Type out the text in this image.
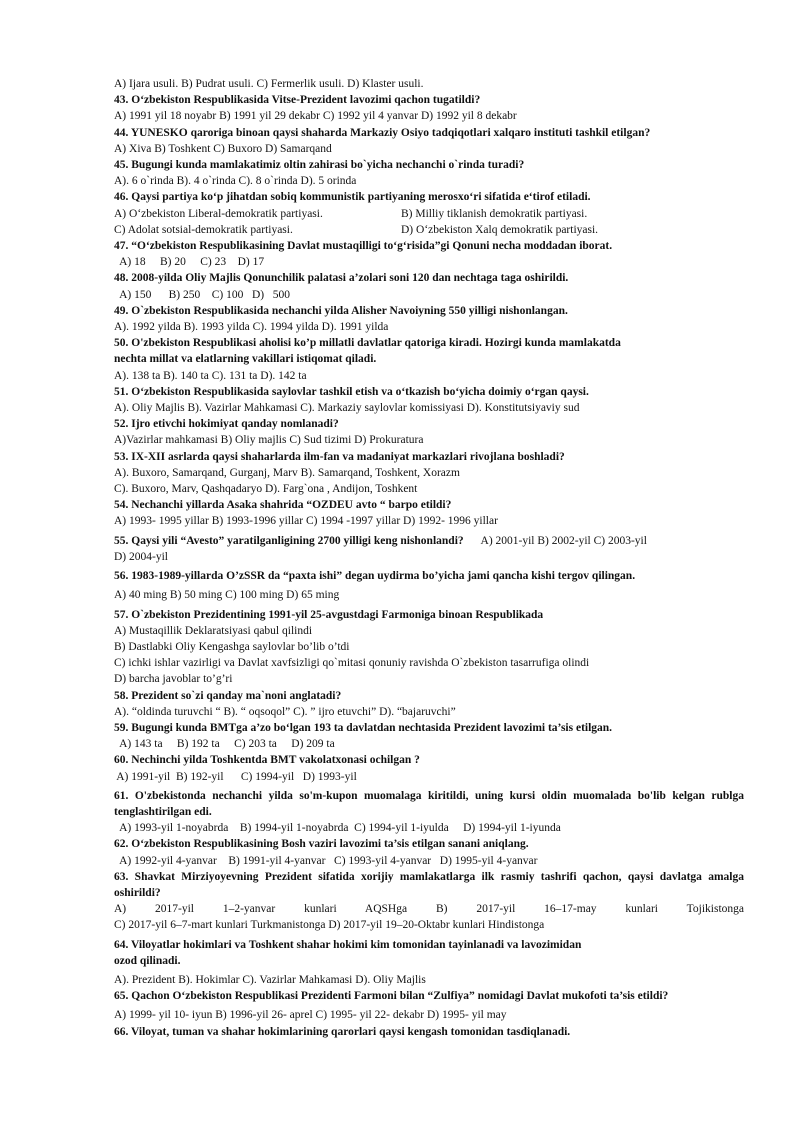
A) Ijara usuli. B) Pudrat usuli. C) Fermerlik usuli. D) Klaster usuli.
43. O‘zbekiston Respublikasida Vitse-Prezident lavozimi qachon tugatildi?
A) 1991 yil 18 noyabr B) 1991 yil 29 dekabr C) 1992 yil 4 yanvar D) 1992 yil 8 dekabr
44. YUNESKO qaroriga binoan qaysi shaharda Markaziy Osiyo tadqiqotlari xalqaro instituti tashkil etilgan?
A) Xiva B) Toshkent C) Buxoro D) Samarqand
45. Bugungi kunda mamlakatimiz oltin zahirasi bo`yicha nechanchi o`rinda turadi?
A). 6 o`rinda B). 4 o`rinda C). 8 o`rinda D). 5 orinda
46. Qaysi partiya ko‘p jihatdan sobiq kommunistik partiyaning merosxo‘ri sifatida e‘tirof etiladi.
A) O‘zbekiston Liberal-demokratik partiyasi.	B) Milliy tiklanish demokratik partiyasi.
C) Adolat sotsial-demokratik partiyasi.	D) O‘zbekiston Xalq demokratik partiyasi.
47. “O‘zbekiston Respublikasining Davlat mustaqilligi to‘g‘risida”gi Qonuni necha moddadan iborat.
A) 18     B) 20     C) 23    D) 17
48. 2008-yilda Oliy Majlis Qonunchilik palatasi a’zolari soni 120 dan nechtaga taga oshirildi.
A) 150      B) 250    C) 100   D)   500
49. O`zbekiston Respublikasida nechanchi yilda Alisher Navoiyning 550 yilligi nishonlangan.
A). 1992 yilda B). 1993 yilda C). 1994 yilda D). 1991 yilda
50. O'zbekiston Respublikasi aholisi ko’p millatli davlatlar qatoriga kiradi. Hozirgi kunda mamlakatda
nechta millat va elatlarning vakillari istiqomat qiladi.
A). 138 ta B). 140 ta C). 131 ta D). 142 ta
51. O‘zbekiston Respublikasida saylovlar tashkil etish va o‘tkazish bo‘yicha doimiy o‘rgan qaysi.
A). Oliy Majlis B). Vazirlar Mahkamasi C). Markaziy saylovlar komissiyasi D). Konstitutsiyaviy sud
52. Ijro etivchi hokimiyat qanday nomlanadi?
A)Vazirlar mahkamasi B) Oliy majlis C) Sud tizimi D) Prokuratura
53. IX-XII asrlarda qaysi shaharlarda ilm-fan va madaniyat markazlari rivojlana boshladi?
A). Buxoro, Samarqand, Gurganj, Marv B). Samarqand, Toshkent, Xorazm
C). Buxoro, Marv, Qashqadaryo D). Farg`ona , Andijon, Toshkent
54. Nechanchi yillarda Asaka shahrida “OZDEU avto “ barpo etildi?
A) 1993- 1995 yillar B) 1993-1996 yillar C) 1994 -1997 yillar D) 1992- 1996 yillar
55. Qaysi yili “Avesto” yaratilganligining 2700 yilligi keng nishonlandi? A) 2001-yil B) 2002-yil C) 2003-yil
D) 2004-yil
56. 1983-1989-yillarda O’zSSR da “paxta ishi” degan uydirma bo’yicha jami qancha kishi tergov qilingan.
A) 40 ming B) 50 ming C) 100 ming D) 65 ming
57. O`zbekiston Prezidentining 1991-yil 25-avgustdagi Farmoniga binoan Respublikada
A) Mustaqillik Deklaratsiyasi qabul qilindi
B) Dastlabki Oliy Kengashga saylovlar bo’lib o’tdi
C) ichki ishlar vazirligi va Davlat xavfsizligi qo`mitasi qonuniy ravishda O`zbekiston tasarrufiga olindi
D) barcha javoblar to’g’ri
58. Prezident so`zi qanday ma`noni anglatadi?
A). “oldinda turuvchi “ B). “ oqsoqol” C). ” ijro etuvchi” D). “bajaruvchi”
59. Bugungi kunda BMTga a’zo bo‘lgan 193 ta davlatdan nechtasida Prezident lavozimi ta’sis etilgan.
A) 143 ta     B) 192 ta     C) 203 ta     D) 209 ta
60. Nechinchi yilda Toshkentda BMT vakolatxonasi ochilgan ?
A) 1991-yil  B) 192-yil      C) 1994-yil   D) 1993-yil
61. O'zbekistonda nechanchi yilda so'm-kupon muomalaga kiritildi, uning kursi oldin muomalada bo'lib kelgan rublga tenglashtirilgan edi.
A) 1993-yil 1-noyabrda    B) 1994-yil 1-noyabrda  C) 1994-yil 1-iyulda     D) 1994-yil 1-iyunda
62. O‘zbekiston Respublikasining Bosh vaziri lavozimi ta’sis etilgan sanani aniqlang.
A) 1992-yil 4-yanvar    B) 1991-yil 4-yanvar   C) 1993-yil 4-yanvar   D) 1995-yil 4-yanvar
63. Shavkat Mirziyoyevning Prezident sifatida xorijiy mamlakatlarga ilk rasmiy tashrifi qachon, qaysi davlatga amalga oshirildi?
A) 2017-yil 1–2-yanvar kunlari AQSHga B) 2017-yil 16–17-may kunlari Tojikistonga
C) 2017-yil 6–7-mart kunlari Turkmanistonga D) 2017-yil 19–20-Oktabr kunlari Hindistonga
64. Viloyatlar hokimlari va Toshkent shahar hokimi kim tomonidan tayinlanadi va lavozimidan
ozod qilinadi.
A). Prezident B). Hokimlar C). Vazirlar Mahkamasi D). Oliy Majlis
65. Qachon O‘zbekiston Respublikasi Prezidenti Farmoni bilan “Zulfiya” nomidagi Davlat mukofoti ta’sis etildi?
A) 1999- yil 10- iyun B) 1996-yil 26- aprel C) 1995- yil 22- dekabr D) 1995- yil may
66. Viloyat, tuman va shahar hokimlarining qarorlari qaysi kengash tomonidan tasdiqlanadi.
